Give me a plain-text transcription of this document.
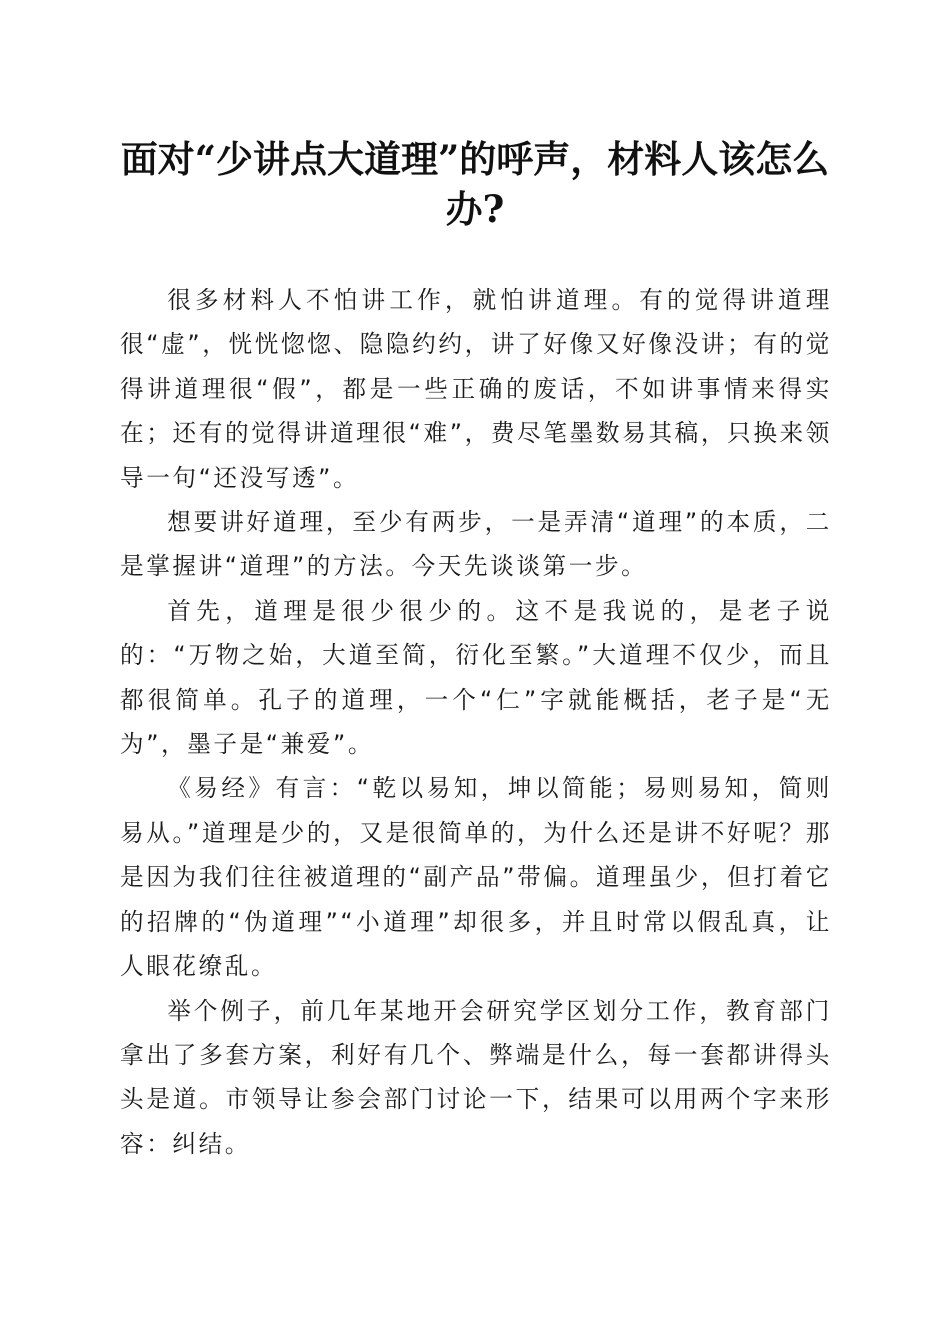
面对“少讲点大道理”的呼声，材料人该怎么办?

很多材料人不怕讲工作，就怕讲道理。有的觉得讲道理很“虚”，恍恍惚惚、隐隐约约，讲了好像又好像没讲；有的觉得讲道理很“假”，都是一些正确的废话，不如讲事情来得实在；还有的觉得讲道理很“难”，费尽笔墨数易其稿，只换来领导一句“还没写透”。

想要讲好道理，至少有两步，一是弄清“道理”的本质，二是掌握讲“道理”的方法。今天先谈谈第一步。

首先，道理是很少很少的。这不是我说的，是老子说的：“万物之始，大道至简，衍化至繁。”大道理不仅少，而且都很简单。孔子的道理，一个“仁”字就能概括，老子是“无为”，墨子是“兼爱”。

《易经》有言：“乾以易知，坤以简能；易则易知，简则易从。”道理是少的，又是很简单的，为什么还是讲不好呢？那是因为我们往往被道理的“副产品”带偏。道理虽少，但打着它的招牌的“伪道理”“小道理”却很多，并且时常以假乱真，让人眼花缭乱。

举个例子，前几年某地开会研究学区划分工作，教育部门拿出了多套方案，利好有几个、弊端是什么，每一套都讲得头头是道。市领导让参会部门讨论一下，结果可以用两个字来形容：纠结。
